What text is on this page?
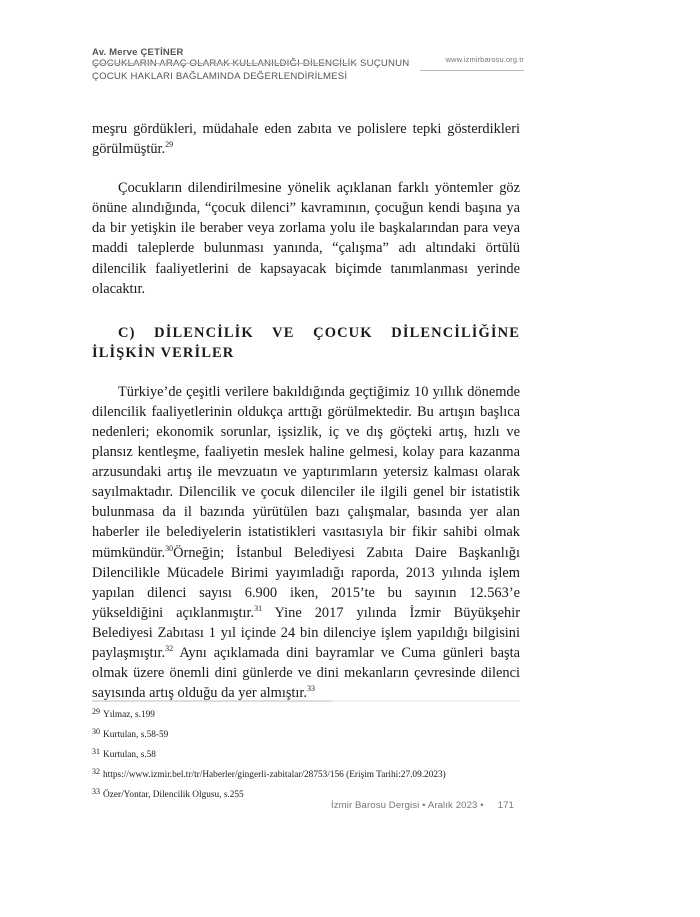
Av. Merve ÇETİNER
ÇOCUKLARIN ARAÇ OLARAK KULLANILDIĞI DİLENCİLİK SUÇUNUN
ÇOCUK HAKLARI BAĞLAMINDA DEĞERLENDİRİLMESİ
www.izmirbarosu.org.tr

meşru gördükleri, müdahale eden zabıta ve polislere tepki gösterdikleri görülmüştür.$^{29}$

Çocukların dilendirilmesine yönelik açıklanan farklı yöntemler göz önüne alındığında, “çocuk dilenci” kavramının, çocuğun kendi başına ya da bir yetişkin ile beraber veya zorlama yolu ile başkalarından para veya maddi taleplerde bulunması yanında, “çalışma” adı altındaki örtülü dilencilik faaliyetlerini de kapsayacak biçimde tanımlanması yerinde olacaktır.

C) DİLENCİLİK VE ÇOCUK DİLENCİLİĞİNE İLİŞKİN VERİLER

Türkiye’de çeşitli verilere bakıldığında geçtiğimiz 10 yıllık dönemde dilencilik faaliyetlerinin oldukça arttığı görülmektedir. Bu artışın başlıca nedenleri; ekonomik sorunlar, işsizlik, iç ve dış göçteki artış, hızlı ve plansız kentleşme, faaliyetin meslek haline gelmesi, kolay para kazanma arzusundaki artış ile mevzuatın ve yaptırımların yetersiz kalması olarak sayılmaktadır. Dilencilik ve çocuk dilenciler ile ilgili genel bir istatistik bulunmasa da il bazında yürütülen bazı çalışmalar, basında yer alan haberler ile belediyelerin istatistikleri vasıtasıyla bir fikir sahibi olmak mümkündür.$^{30}$Örneğin; İstanbul Belediyesi Zabıta Daire Başkanlığı Dilencilikle Mücadele Birimi yayımladığı raporda, 2013 yılında işlem yapılan dilenci sayısı 6.900 iken, 2015’te bu sayının 12.563’e yükseldiğini açıklanmıştır.$^{31}$ Yine 2017 yılında İzmir Büyükşehir Belediyesi Zabıtası 1 yıl içinde 24 bin dilenciye işlem yapıldığı bilgisini paylaşmıştır.$^{32}$ Aynı açıklamada dini bayramlar ve Cuma günleri başta olmak üzere önemli dini günlerde ve dini mekanların çevresinde dilenci sayısında artış olduğu da yer almıştır.$^{33}$

$^{29}$ Yılmaz, s.199
$^{30}$ Kurtulan, s.58-59
$^{31}$ Kurtulan, s.58
$^{32}$ https://www.izmir.bel.tr/tr/Haberler/gingerli-zabitalar/28753/156 (Erişim Tarihi:27.09.2023)
$^{33}$ Özer/Yontar, Dilencilik Olgusu, s.255
İzmir Barosu Dergisi • Aralık 2023 • 171
